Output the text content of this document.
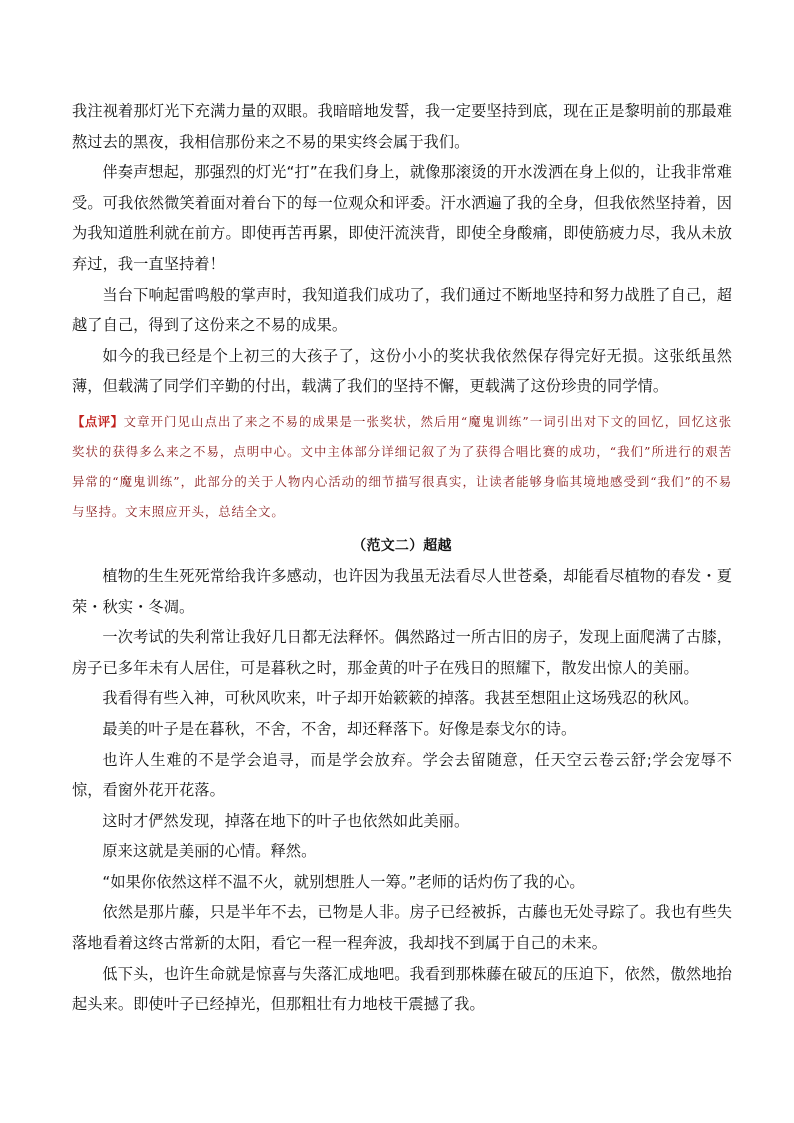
我注视着那灯光下充满力量的双眼。我暗暗地发誓，我一定要坚持到底，现在正是黎明前的那最难熬过去的黑夜，我相信那份来之不易的果实终会属于我们。

伴奏声想起，那强烈的灯光“打”在我们身上，就像那滚烫的开水泼洒在身上似的，让我非常难受。可我依然微笑着面对着台下的每一位观众和评委。汗水洒遍了我的全身，但我依然坚持着，因为我知道胜利就在前方。即使再苦再累，即使汗流浃背，即使全身酸痛，即使筋疲力尽，我从未放弃过，我一直坚持着！

当台下响起雷鸣般的掌声时，我知道我们成功了，我们通过不断地坚持和努力战胜了自己，超越了自己，得到了这份来之不易的成果。

如今的我已经是个上初三的大孩子了，这份小小的奖状我依然保存得完好无损。这张纸虽然薄，但载满了同学们辛勤的付出，载满了我们的坚持不懈，更载满了这份珍贵的同学情。

【点评】文章开门见山点出了来之不易的成果是一张奖状，然后用“魔鬼训练”一词引出对下文的回忆，回忆这张奖状的获得多么来之不易，点明中心。文中主体部分详细记叙了为了获得合唱比赛的成功，“我们”所进行的艰苦异常的“魔鬼训练”，此部分的关于人物内心活动的细节描写很真实，让读者能够身临其境地感受到“我们”的不易与坚持。文末照应开头，总结全文。

（范文二）超越

植物的生生死死常给我许多感动，也许因为我虽无法看尽人世苍桑，却能看尽植物的春发・夏荣・秋实・冬凋。

一次考试的失利常让我好几日都无法释怀。偶然路过一所古旧的房子，发现上面爬满了古膝，房子已多年未有人居住，可是暮秋之时，那金黄的叶子在残日的照耀下，散发出惊人的美丽。

我看得有些入神，可秋风吹来，叶子却开始簌簌的掉落。我甚至想阻止这场残忍的秋风。

最美的叶子是在暮秋，不舍，不舍，却还释落下。好像是泰戈尔的诗。

也许人生难的不是学会追寻，而是学会放弃。学会去留随意，任天空云卷云舒;学会宠辱不惊，看窗外花开花落。

这时才俨然发现，掉落在地下的叶子也依然如此美丽。

原来这就是美丽的心情。释然。

“如果你依然这样不温不火，就别想胜人一筹。”老师的话灼伤了我的心。

依然是那片藤，只是半年不去，已物是人非。房子已经被拆，古藤也无处寻踪了。我也有些失落地看着这终古常新的太阳，看它一程一程奔波，我却找不到属于自己的未来。

低下头，也许生命就是惊喜与失落汇成地吧。我看到那株藤在破瓦的压迫下，依然，傲然地抬起头来。即使叶子已经掉光，但那粗壮有力地枝干震撼了我。
